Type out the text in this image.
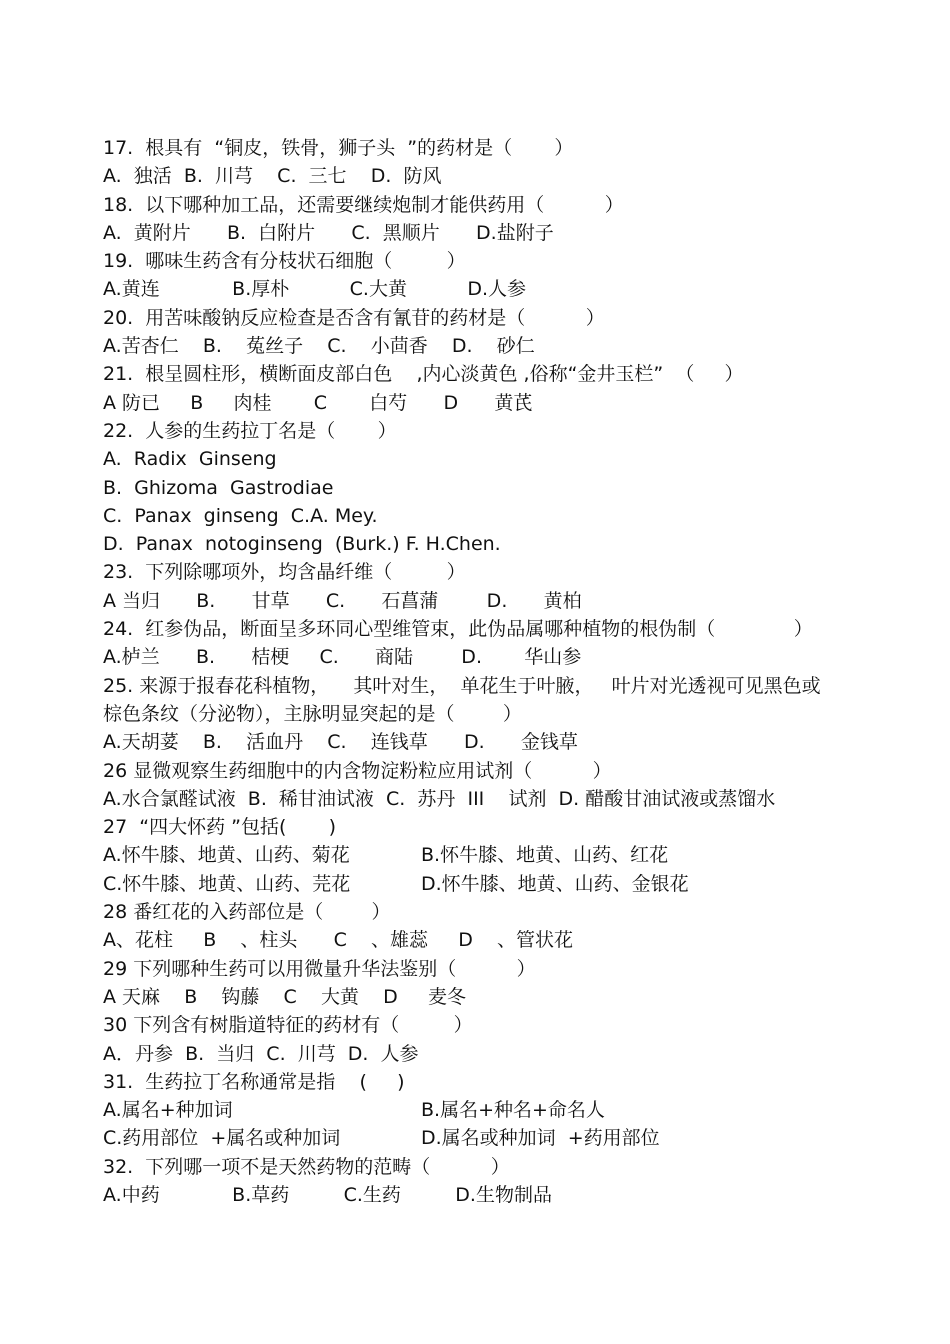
17.  根具有  “铜皮，铁骨，狮子头  ”的药材是（       ）
A.  独活  B.  川芎    C.  三七    D.  防风
18.  以下哪种加工品，还需要继续炮制才能供药用（          ）
A.  黄附片      B.  白附片      C.  黑顺片      D.盐附子
19.  哪味生药含有分枝状石细胞（         ）
A.黄连            B.厚朴          C.大黄          D.人参
20.  用苦味酸钠反应检查是否含有氰苷的药材是（          ）
A.苦杏仁    B.    菟丝子    C.    小茴香    D.    砂仁
21.  根呈圆柱形，横断面皮部白色    ,内心淡黄色 ,俗称“金井玉栏”  （     ）
A 防已     B     肉桂       C       白芍      D      黄芪
22.  人参的生药拉丁名是（       ）
A.  Radix  Ginseng
B.  Ghizoma  Gastrodiae
C.  Panax  ginseng  C.A. Mey.
D.  Panax  notoginseng  (Burk.) F. H.Chen.
23.  下列除哪项外，均含晶纤维（         ）
A 当归      B.      甘草      C.      石菖蒲        D.      黄柏
24.  红参伪品，断面呈多环同心型维管束，此伪品属哪种植物的根伪制（             ）
A.栌兰      B.      桔梗     C.      商陆        D.       华山参
25. 来源于报春花科植物，    其叶对生，  单花生于叶腋，   叶片对光透视可见黑色或
棕色条纹（分泌物），主脉明显突起的是（        ）
A.天胡荽    B.    活血丹    C.    连钱草      D.      金钱草
26 显微观察生药细胞中的内含物淀粉粒应用试剂（          ）
A.水合氯醛试液  B.  稀甘油试液  C.  苏丹  III    试剂  D. 醋酸甘油试液或蒸馏水
27  “四大怀药 ”包括(       )
A.怀牛膝、地黄、山药、菊花	B.怀牛膝、地黄、山药、红花
C.怀牛膝、地黄、山药、芫花	D.怀牛膝、地黄、山药、金银花
28 番红花的入药部位是（        ）
A、花柱     B    、柱头      C    、雄蕊     D    、管状花
29 下列哪种生药可以用微量升华法鉴别（          ）
A 天麻    B    钩藤    C    大黄    D     麦冬
30 下列含有树脂道特征的药材有（         ）
A．丹参  B.  当归  C.  川芎  D.  人参
31.  生药拉丁名称通常是指    (     )
A.属名+种加词	B.属名+种名+命名人
C.药用部位  +属名或种加词	D.属名或种加词  +药用部位
32.  下列哪一项不是天然药物的范畴（          ）
A.中药            B.草药         C.生药         D.生物制品
